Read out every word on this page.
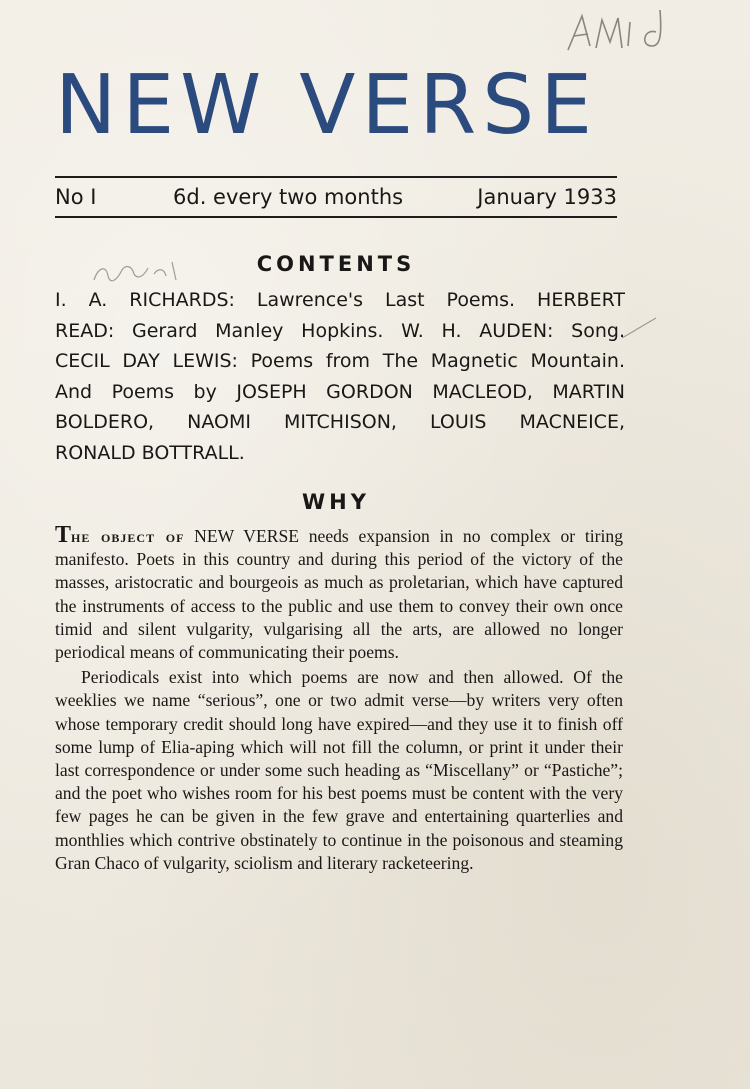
NEW VERSE
No I	6d. every two months	January 1933
CONTENTS
I. A. RICHARDS: Lawrence's Last Poems. HERBERT
READ: Gerard Manley Hopkins. W. H. AUDEN: Song.
CECIL DAY LEWIS: Poems from The Magnetic Mountain.
And Poems by JOSEPH GORDON MACLEOD, MARTIN
BOLDERO, NAOMI MITCHISON, LOUIS MACNEICE,
RONALD BOTTRALL.
WHY

The object of NEW VERSE needs expansion in no complex or tiring manifesto. Poets in this country and during this period of the victory of the masses, aristocratic and bourgeois as much as proletarian, which have captured the instruments of access to the public and use them to convey their own once timid and silent vulgarity, vulgarising all the arts, are allowed no longer periodical means of communicating their poems.

Periodicals exist into which poems are now and then allowed. Of the weeklies we name “serious”, one or two admit verse—by writers very often whose temporary credit should long have expired—and they use it to finish off some lump of Elia-aping which will not fill the column, or print it under their last correspondence or under some such heading as “Miscellany” or “Pastiche”; and the poet who wishes room for his best poems must be content with the very few pages he can be given in the few grave and entertaining quarterlies and monthlies which contrive obstinately to continue in the poisonous and steaming Gran Chaco of vulgarity, sciolism and literary racketeering.
